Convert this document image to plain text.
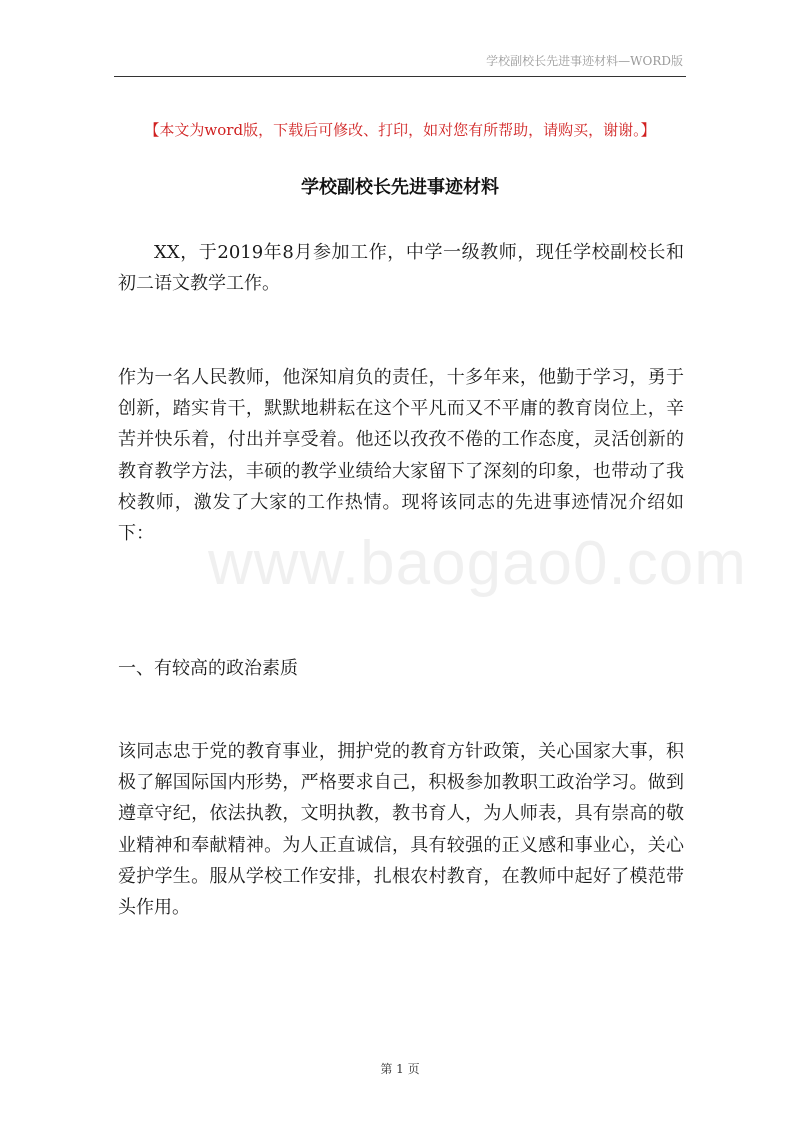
学校副校长先进事迹材料—WORD版
【本文为word版，下载后可修改、打印，如对您有所帮助，请购买，谢谢。】
学校副校长先进事迹材料

XX，于2019年8月参加工作，中学一级教师，现任学校副校长和初二语文教学工作。

作为一名人民教师，他深知肩负的责任，十多年来，他勤于学习，勇于创新，踏实肯干，默默地耕耘在这个平凡而又不平庸的教育岗位上，辛苦并快乐着，付出并享受着。他还以孜孜不倦的工作态度，灵活创新的教育教学方法，丰硕的教学业绩给大家留下了深刻的印象，也带动了我校教师，激发了大家的工作热情。现将该同志的先进事迹情况介绍如下：

一、有较高的政治素质

该同志忠于党的教育事业，拥护党的教育方针政策，关心国家大事，积极了解国际国内形势，严格要求自己，积极参加教职工政治学习。做到遵章守纪，依法执教，文明执教，教书育人，为人师表，具有崇高的敬业精神和奉献精神。为人正直诚信，具有较强的正义感和事业心，关心爱护学生。服从学校工作安排，扎根农村教育，在教师中起好了模范带头作用。

www.baogao0.com
第 1 页
